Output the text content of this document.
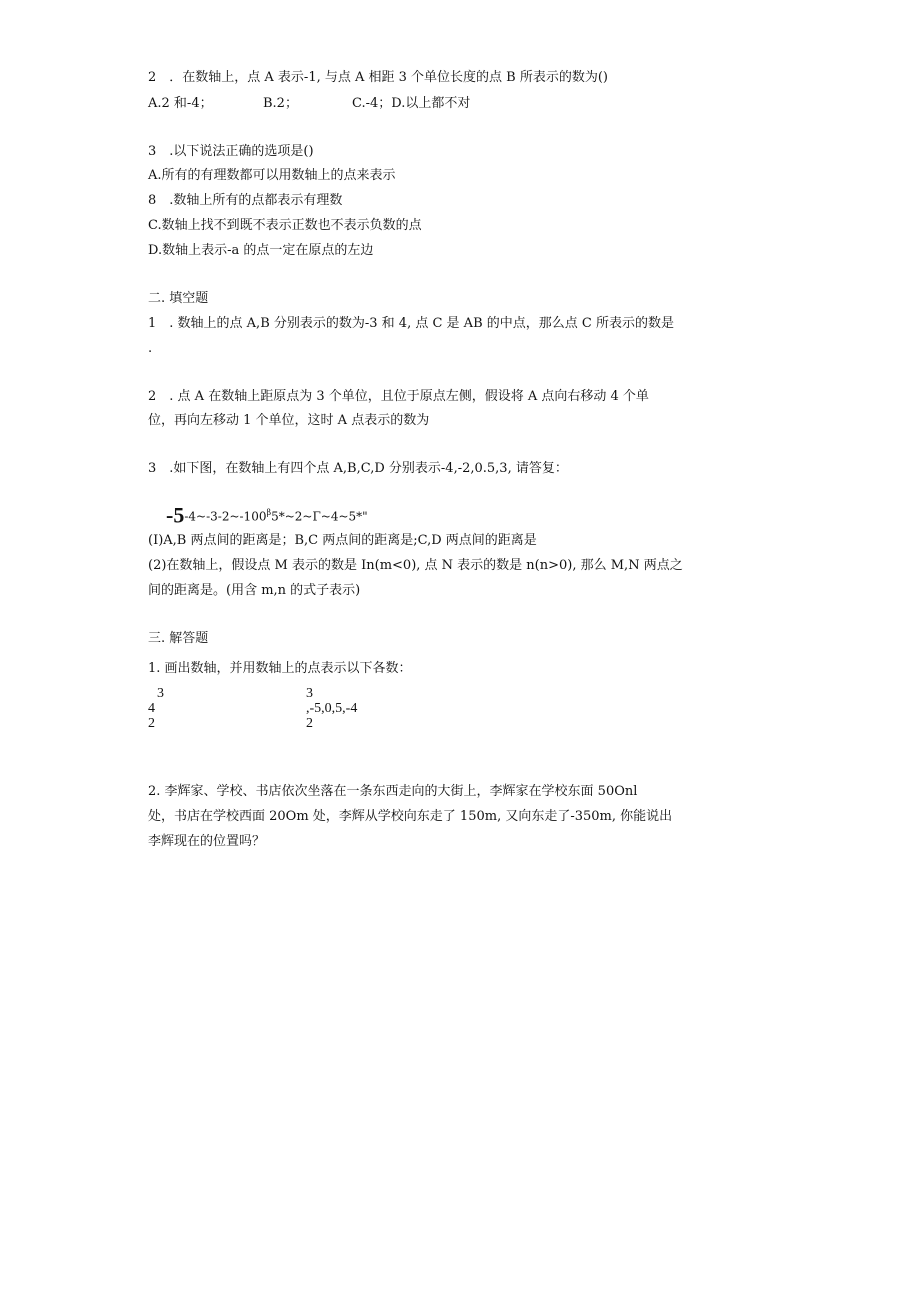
2　．在数轴上，点 A 表示-1, 与点 A 相距 3 个单位长度的点 B 所表示的数为()
A.2 和-4；	B.2；	C.-4；D.以上都不对
3　.以下说法正确的选项是()
A.所有的有理数都可以用数轴上的点来表示
8　.数轴上所有的点都表示有理数
C.数轴上找不到既不表示正数也不表示负数的点
D.数轴上表示-a 的点一定在原点的左边
二. 填空题
1　. 数轴上的点 A,B 分别表示的数为-3 和 4, 点 C 是 AB 的中点，那么点 C 所表示的数是
.
2　. 点 A 在数轴上距原点为 3 个单位，且位于原点左侧，假设将 A 点向右移动 4 个单
位，再向左移动 1 个单位，这时 A 点表示的数为
3　.如下图，在数轴上有四个点 A,B,C,D 分别表示-4,-2,0.5,3, 请答复：
$-5-4\sim-3-2\sim-100^\beta 5*\sim 2\sim\Gamma\sim 4\sim 5*$"
(I)A,B 两点间的距离是；B,C 两点间的距离是;C,D 两点间的距离是
(2)在数轴上，假设点 M 表示的数是 In(m<0), 点 N 表示的数是 n(n>0), 那么 M,N 两点之
间的距离是。(用含 m,n 的式子表示)
三. 解答题
1. 画出数轴，并用数轴上的点表示以下各数：
3
4
2
3
,-5,0,5,-4
2
2. 李辉家、学校、书店依次坐落在一条东西走向的大街上，李辉家在学校东面 50Onl
处，书店在学校西面 20Om 处，李辉从学校向东走了 150m, 又向东走了-350m, 你能说出
李辉现在的位置吗？
